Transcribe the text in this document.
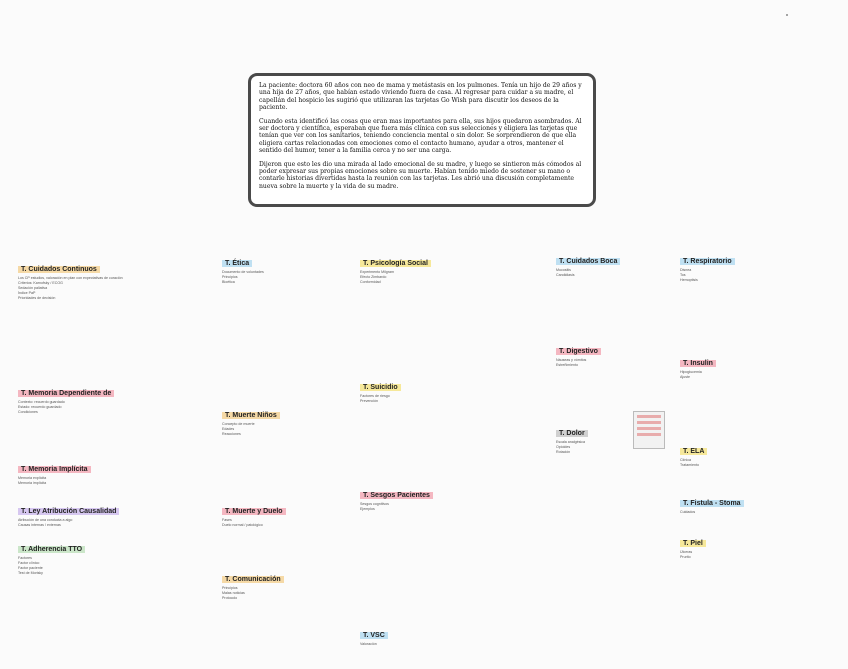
La paciente: doctora 60 años con neo de mama y metástasis en los pulmones. Tenía un hijo de 29 años y una hija de 27 años, que habían estado viviendo fuera de casa. Al regresar para cuidar a su madre, el capellán del hospicio les sugirió que utilizaran las tarjetas Go Wish para discutir los deseos de la paciente.

Cuando esta identificó las cosas que eran mas importantes para ella, sus hijos quedaron asombrados. Al ser doctora y científica, esperaban que fuera más clínica con sus selecciones y eligiera las tarjetas que tenían que ver con los sanitarios, teniendo conciencia mental o sin dolor. Se sorprendieron de que ella eligiera cartas relacionadas con emociones como el contacto humano, ayudar a otros, mantener el sentido del humor, tener a la familia cerca y no ser una carga.

Dijeron que esto les dio una mirada al lado emocional de su madre, y luego se sintieron más cómodos al poder expresar sus propias emociones sobre su muerte. Habían tenido miedo de sostener su mano o contarle historias divertidas hasta la reunión con las tarjetas. Les abrió una discusión completamente nueva sobre la muerte y la vida de su madre.

T. Cuidados Continuos
Los CP estudios, valoración en plan con expectativas de curación
Criterios: Karnofsky / ECOG
Sedación paliativa
Índice PaP
Prioridades de decisión
T. Memoria Dependiente de
Contexto: recuerdo guardado
Estado: recuerdo guardado
Condiciones
T. Memoria Implícita
Memoria explícita
Memoria implícita
T. Ley Atribución Causalidad
Atribución de una conducta a algo
Causas internas / externas
T. Adherencia TTO
Factores
Factor clínico
Factor paciente
Test de Morisky
T. Ética
Documento de voluntades
Principios
Bioética
T. Muerte Niños
Concepto de muerte
Edades
Reacciones
T. Muerte y Duelo
Fases
Duelo normal / patológico
T. Comunicación
Principios
Malas noticias
Protocolo
T. Psicología Social
Experimento Milgram
Efecto Zimbardo
Conformidad
T. Suicidio
Factores de riesgo
Prevención
T. Sesgos Pacientes
Sesgos cognitivos
Ejemplos
T. VSC
Valoración
T. Cuidados Boca
Mucositis
Candidiasis
T. Digestivo
Náuseas y vómitos
Estreñimiento
T. Dolor
Escala analgésica
Opioides
Rotación
T. Respiratorio
Disnea
Tos
Hemoptisis
T. Insulin
Hipoglucemia
Ajuste
T. ELA
Clínica
Tratamiento
T. Fistula - Stoma
Cuidados
T. Piel
Úlceras
Prurito
